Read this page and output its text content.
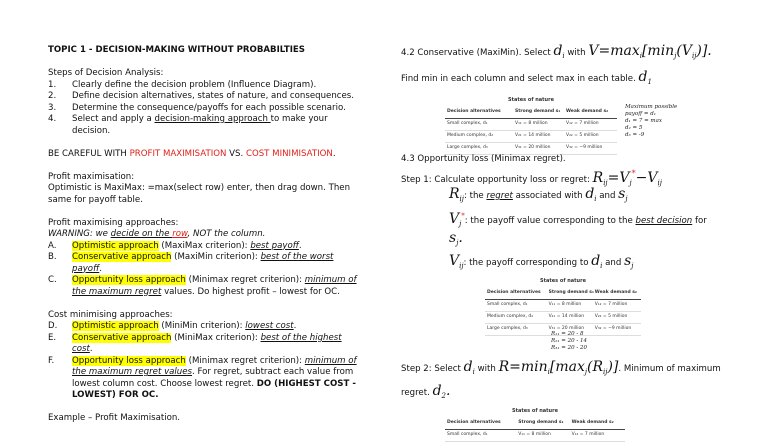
TOPIC 1 - DECISION-MAKING WITHOUT PROBABILTIES
Steps of Decision Analysis:
1. Clearly define the decision problem (Influence Diagram).
2. Define decision alternatives, states of nature, and consequences.
3. Determine the consequence/payoffs for each possible scenario.
4. Select and apply a decision-making approach to make your
decision.
BE CAREFUL WITH PROFIT MAXIMISATION VS. COST MINIMISATION.
Profit maximisation:
Optimistic is MaxiMax: =max(select row) enter, then drag down. Then
same for payoff table.
Profit maximising approaches:
WARNING: we decide on the row, NOT the column.
A. Optimistic approach (MaxiMax criterion): best payoff.
B. Conservative approach (MaxiMin criterion): best of the worst
payoff.
C. Opportunity loss approach (Minimax regret criterion): minimum of
the maximum regret values. Do highest profit – lowest for OC.
Cost minimising approaches:
D. Optimistic approach (MiniMin criterion): lowest cost.
E. Conservative approach (MiniMax criterion): best of the highest
cost.
F. Opportunity loss approach (Minimax regret criterion): minimum of
the maximum regret values. For regret, subtract each value from
lowest column cost. Choose lowest regret. DO (HIGHEST COST -
LOWEST) FOR OC.
Example – Profit Maximisation.
4.2 Conservative (MaxiMin). Select $d_i$ with $V=\max_i[\min_j(V_{ij})]$.
Find min in each column and select max in each table. $d_1$
States of nature
Decision alternatives	Strong demand s₁	Weak demand s₂
Small complex, d₁	V₁₁ = 8 million	V₁₂ = 7 million
Medium complex, d₂	V₂₁ = 14 million	V₂₂ = 5 million
Large complex, d₃	V₃₁ = 20 million	V₃₂ = −9 million
Maximum possible
payoff = d₁
d₁ = 7 = max
d₂ = 5
d₃ = -9
4.3 Opportunity loss (Minimax regret).
Step 1: Calculate opportunity loss or regret: $R_{ij}=V_j^*-V_{ij}$
$R_{ij}$: the regret associated with $d_i$ and $s_j$
$V_j^*$: the payoff value corresponding to the best decision for
$s_j$.
$V_{ij}$: the payoff corresponding to $d_i$ and $s_j$
States of nature
Decision alternatives	Strong demand s₁ Weak demand s₂
Small complex, d₁	V₁₁ = 8 million	V₁₂ = 7 million
Medium complex, d₂	V₂₁ = 14 million	V₂₂ = 5 million
Large complex, d₃	V₃₁ = 20 million	V₃₂ = −9 million
R₁₁ = 20 - 8
R₂₁ = 20 - 14
R₃₁ = 20 - 20
Step 2: Select $d_i$ with $R=\min_i[\max_j(R_{ij})]$. Minimum of maximum
regret. $d_2$.
States of nature
Decision alternatives	Strong demand s₁	Weak demand s₂
Small complex, d₁	V₁₁ = 8 million	V₁₂ = 7 million
